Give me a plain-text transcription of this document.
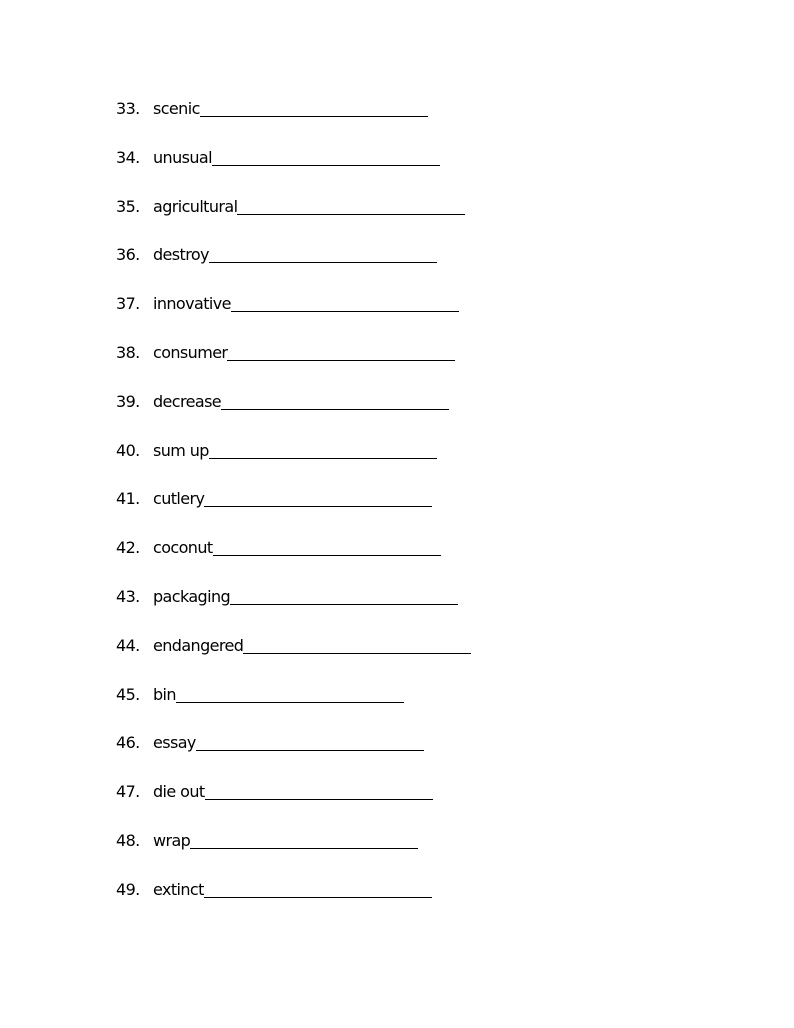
33. scenic
34. unusual
35. agricultural
36. destroy
37. innovative
38. consumer
39. decrease
40. sum up
41. cutlery
42. coconut
43. packaging
44. endangered
45. bin
46. essay
47. die out
48. wrap
49. extinct
